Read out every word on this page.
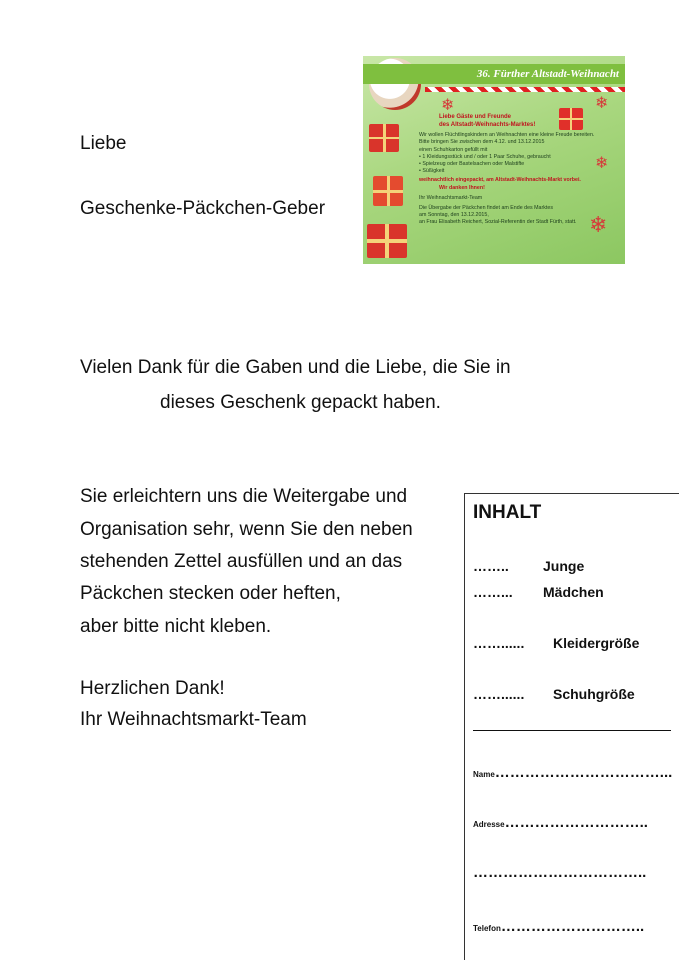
Liebe

Geschenke-Päckchen-Geber

Vielen Dank für die Gaben und die Liebe, die Sie in

dieses Geschenk gepackt haben.

Sie erleichtern uns die Weitergabe und

Organisation sehr, wenn Sie den neben

stehenden Zettel ausfüllen und an das

Päckchen stecken oder heften,

aber bitte nicht kleben.

Herzlichen Dank!

Ihr Weihnachtsmarkt-Team

36. Fürther Altstadt-Weihnacht
❄	❄
❄
❄
Liebe Gäste und Freunde
des Altstadt-Weihnachts-Marktes!
Wir wollen Flüchtlingskindern an Weihnachten eine kleine Freude bereiten.
Bitte bringen Sie zwischen dem 4.12. und 13.12.2015
einen Schuhkarton gefüllt mit
• 1 Kleidungsstück und / oder 1 Paar Schuhe, gebraucht
• Spielzeug oder Bastelsachen oder Malstifte
• Süßigkeit
weihnachtlich eingepackt, am Altstadt-Weihnachts-Markt vorbei.
Wir danken Ihnen!
Ihr Weihnachtsmarkt-Team
Die Übergabe der Päckchen findet am Ende des Marktes
am Sonntag, den 13.12.2015,
an Frau Elisabeth Reichert, Sozial-Referentin der Stadt Fürth, statt.
INHALT
…….. Junge
……... Mädchen
……...... Kleidergröße
……...... Schuhgröße
Name……………………………...
Adresse………………………..
……………………………..
Telefon………………………..
